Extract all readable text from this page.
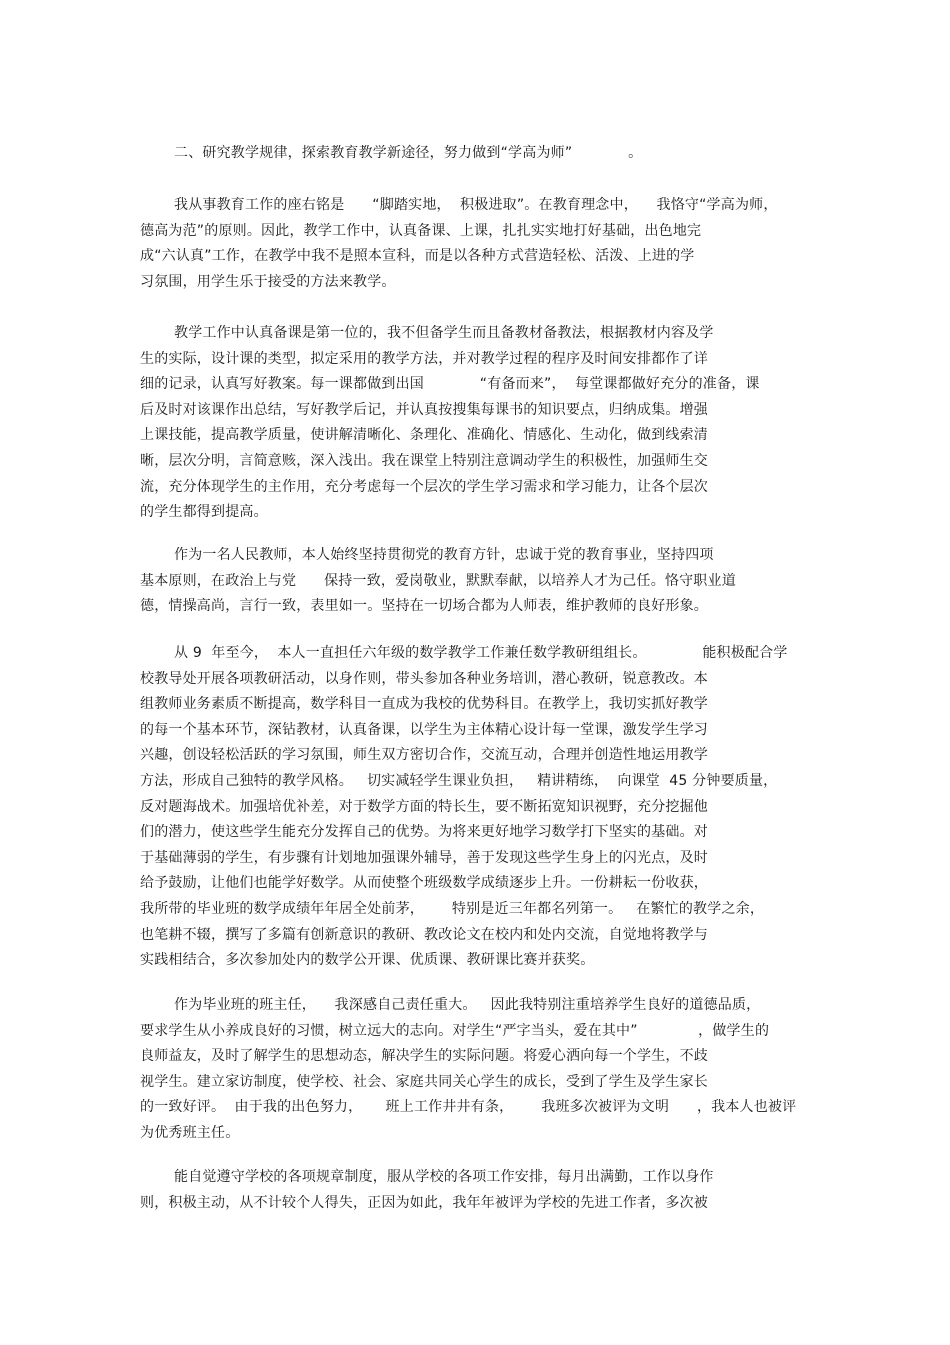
二、研究教学规律，探索教育教学新途径，努力做到“学高为师”            。
我从事教育工作的座右铭是      “脚踏实地，  积极进取”。在教育理念中，    我恪守“学高为师，
德高为范”的原则。因此，教学工作中，认真备课、上课，扎扎实实地打好基础，出色地完
成“六认真”工作，在教学中我不是照本宣科，而是以各种方式营造轻松、活泼、上进的学
习氛围，用学生乐于接受的方法来教学。
教学工作中认真备课是第一位的，我不但备学生而且备教材备教法，根据教材内容及学
生的实际，设计课的类型，拟定采用的教学方法，并对教学过程的程序及时间安排都作了详
细的记录，认真写好教案。每一课都做到出国            “有备而来”，  每堂课都做好充分的准备，课
后及时对该课作出总结，写好教学后记，并认真按搜集每课书的知识要点，归纳成集。增强
上课技能，提高教学质量，使讲解清晰化、条理化、准确化、情感化、生动化，做到线索清
晰，层次分明，言简意赅，深入浅出。我在课堂上特别注意调动学生的积极性，加强师生交
流，充分体现学生的主作用，充分考虑每一个层次的学生学习需求和学习能力，让各个层次
的学生都得到提高。
作为一名人民教师，本人始终坚持贯彻党的教育方针，忠诚于党的教育事业，坚持四项
基本原则，在政治上与党      保持一致，爱岗敬业，默默奉献，以培养人才为己任。恪守职业道
德，情操高尚，言行一致，表里如一。坚持在一切场合都为人师表，维护教师的良好形象。
从 9  年至今，  本人一直担任六年级的数学教学工作兼任数学教研组组长。            能积极配合学
校教导处开展各项教研活动，以身作则，带头参加各种业务培训，潜心教研，锐意教改。本
组教师业务素质不断提高，数学科目一直成为我校的优势科目。在教学上，我切实抓好教学
的每一个基本环节，深钻教材，认真备课，以学生为主体精心设计每一堂课，激发学生学习
兴趣，创设轻松活跃的学习氛围，师生双方密切合作，交流互动，合理并创造性地运用教学
方法，形成自己独特的教学风格。   切实减轻学生课业负担，   精讲精练，  向课堂  45 分钟要质量，
反对题海战术。加强培优补差，对于数学方面的特长生，要不断拓宽知识视野，充分挖掘他
们的潜力，使这些学生能充分发挥自己的优势。为将来更好地学习数学打下坚实的基础。对
于基础薄弱的学生，有步骤有计划地加强课外辅导，善于发现这些学生身上的闪光点，及时
给予鼓励，让他们也能学好数学。从而使整个班级数学成绩逐步上升。一份耕耘一份收获，
我所带的毕业班的数学成绩年年居全处前茅，      特别是近三年都名列第一。   在繁忙的教学之余，
也笔耕不辍，撰写了多篇有创新意识的教研、教改论文在校内和处内交流，自觉地将教学与
实践相结合，多次参加处内的数学公开课、优质课、教研课比赛并获奖。
作为毕业班的班主任，    我深感自己责任重大。   因此我特别注重培养学生良好的道德品质，
要求学生从小养成良好的习惯，树立远大的志向。对学生“严字当头，爱在其中”             ，做学生的
良师益友，及时了解学生的思想动态，解决学生的实际问题。将爱心洒向每一个学生，不歧
视学生。建立家访制度，使学校、社会、家庭共同关心学生的成长，受到了学生及学生家长
的一致好评。  由于我的出色努力，     班上工作井井有条，      我班多次被评为文明      ，我本人也被评
为优秀班主任。
能自觉遵守学校的各项规章制度，服从学校的各项工作安排，每月出满勤，工作以身作
则，积极主动，从不计较个人得失，正因为如此，我年年被评为学校的先进工作者，多次被
